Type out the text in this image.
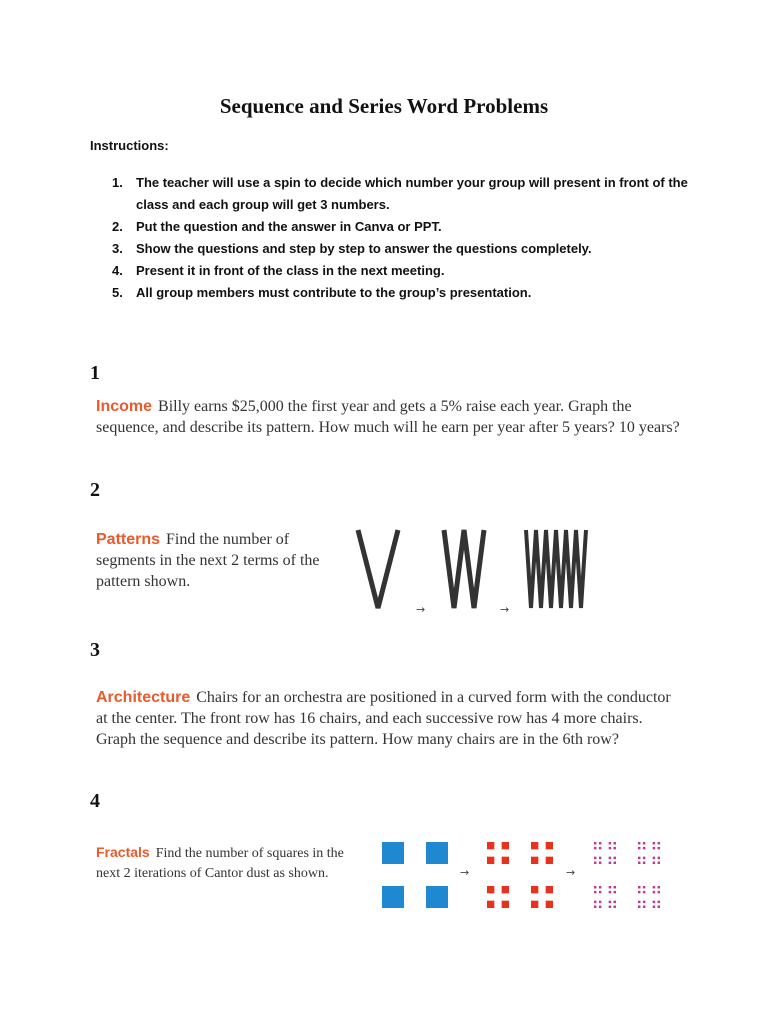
Sequence and Series Word Problems
Instructions:
1. The teacher will use a spin to decide which number your group will present in front of the class and each group will get 3 numbers.
2. Put the question and the answer in Canva or PPT.
3. Show the questions and step by step to answer the questions completely.
4. Present it in front of the class in the next meeting.
5. All group members must contribute to the group’s presentation.
1
Income Billy earns $25,000 the first year and gets a 5% raise each year. Graph the sequence, and describe its pattern. How much will he earn per year after 5 years? 10 years?
2
Patterns Find the number of segments in the next 2 terms of the pattern shown.
→	→
3
Architecture Chairs for an orchestra are positioned in a curved form with the conductor at the center. The front row has 16 chairs, and each successive row has 4 more chairs. Graph the sequence and describe its pattern. How many chairs are in the 6th row?
4
Fractals Find the number of squares in the next 2 iterations of Cantor dust as shown.	→	→
